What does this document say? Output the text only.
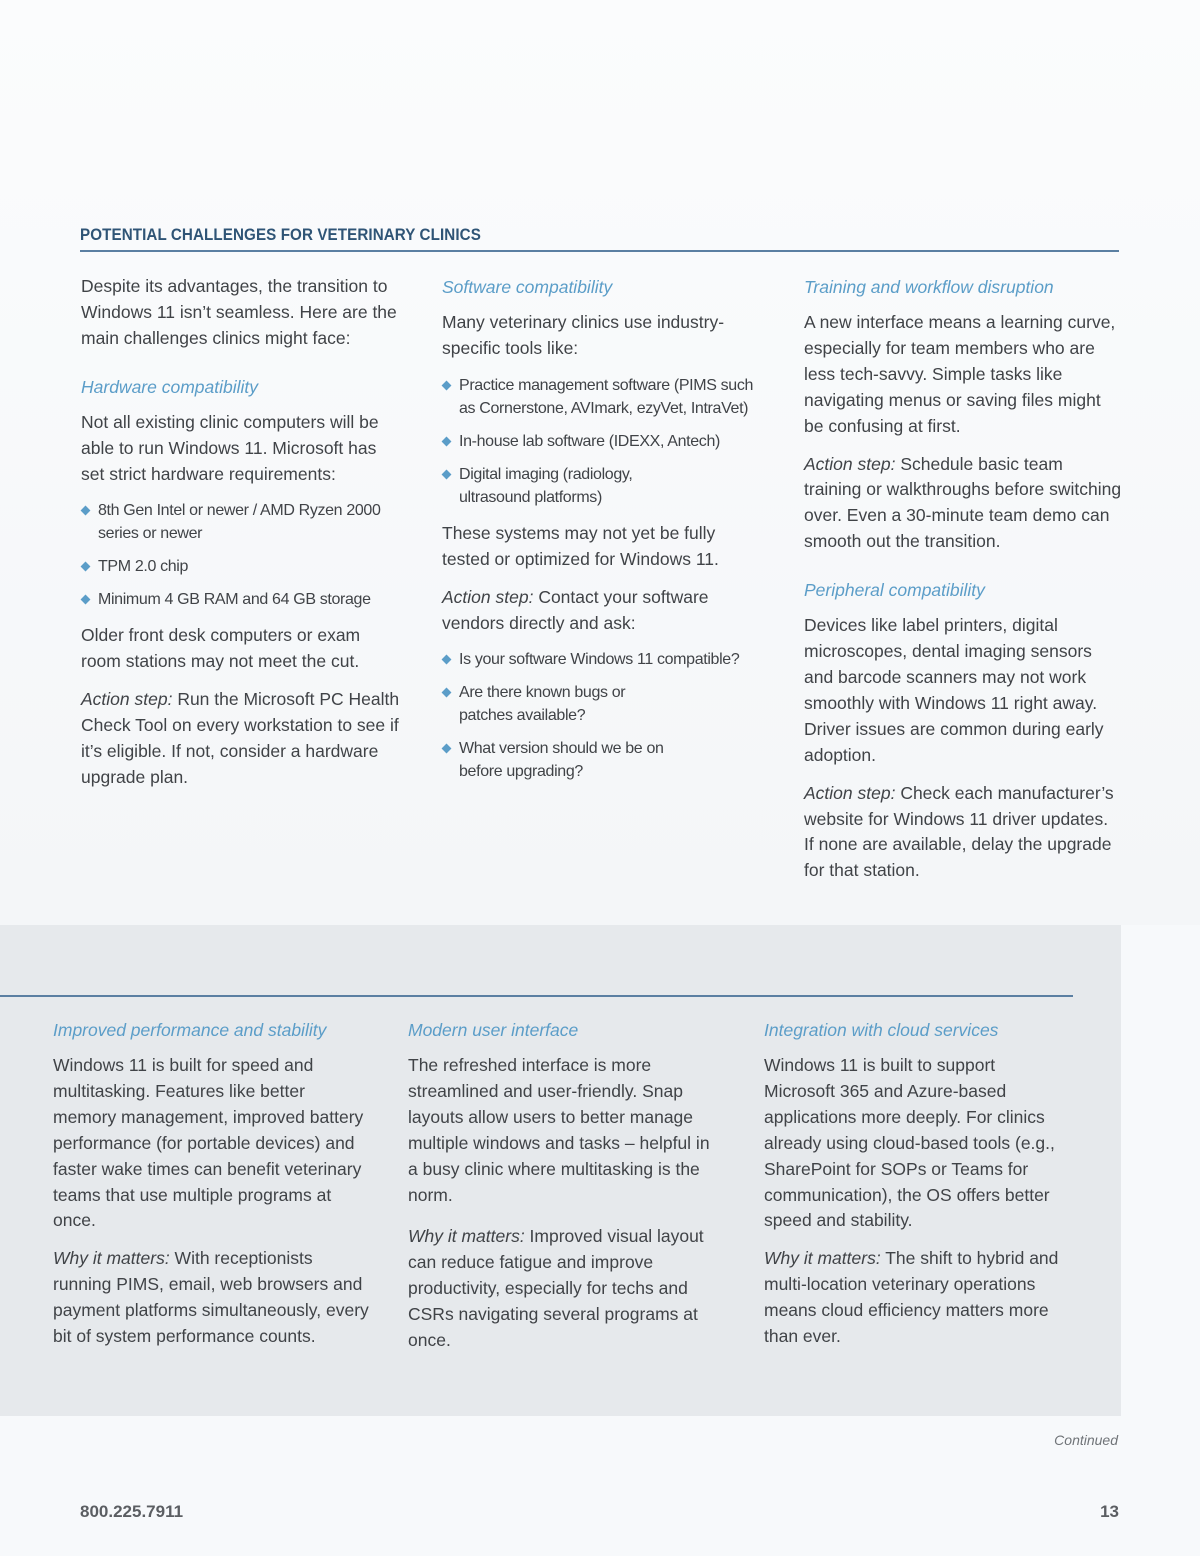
POTENTIAL CHALLENGES FOR VETERINARY CLINICS

Despite its advantages, the transition to Windows 11 isn’t seamless. Here are the main challenges clinics might face:

Hardware compatibility

Not all existing clinic computers will be able to run Windows 11. Microsoft has set strict hardware requirements:

8th Gen Intel or newer / AMD Ryzen 2000 series or newer
TPM 2.0 chip
Minimum 4 GB RAM and 64 GB storage

Older front desk computers or exam room stations may not meet the cut.

Action step: Run the Microsoft PC Health Check Tool on every workstation to see if it’s eligible. If not, consider a hardware upgrade plan.

Software compatibility

Many veterinary clinics use industry-specific tools like:

Practice management software (PIMS such as Cornerstone, AVImark, ezyVet, IntraVet)
In-house lab software (IDEXX, Antech)
Digital imaging (radiology, ultrasound platforms)

These systems may not yet be fully tested or optimized for Windows 11.

Action step: Contact your software vendors directly and ask:

Is your software Windows 11 compatible?
Are there known bugs or patches available?
What version should we be on before upgrading?
Training and workflow disruption

A new interface means a learning curve, especially for team members who are less tech-savvy. Simple tasks like navigating menus or saving files might be confusing at first.

Action step: Schedule basic team training or walkthroughs before switching over. Even a 30-minute team demo can smooth out the transition.

Peripheral compatibility

Devices like label printers, digital microscopes, dental imaging sensors and barcode scanners may not work smoothly with Windows 11 right away. Driver issues are common during early adoption.

Action step: Check each manufacturer’s website for Windows 11 driver updates. If none are available, delay the upgrade for that station.

Improved performance and stability

Windows 11 is built for speed and multitasking. Features like better memory management, improved battery performance (for portable devices) and faster wake times can benefit veterinary teams that use multiple programs at once.

Why it matters: With receptionists running PIMS, email, web browsers and payment platforms simultaneously, every bit of system performance counts.

Modern user interface

The refreshed interface is more streamlined and user-friendly. Snap layouts allow users to better manage multiple windows and tasks – helpful in a busy clinic where multitasking is the norm.

Why it matters: Improved visual layout can reduce fatigue and improve productivity, especially for techs and CSRs navigating several programs at once.

Integration with cloud services

Windows 11 is built to support Microsoft 365 and Azure-based applications more deeply. For clinics already using cloud-based tools (e.g., SharePoint for SOPs or Teams for communication), the OS offers better speed and stability.

Why it matters: The shift to hybrid and multi-location veterinary operations means cloud efficiency matters more than ever.

Continued
800.225.7911	13
